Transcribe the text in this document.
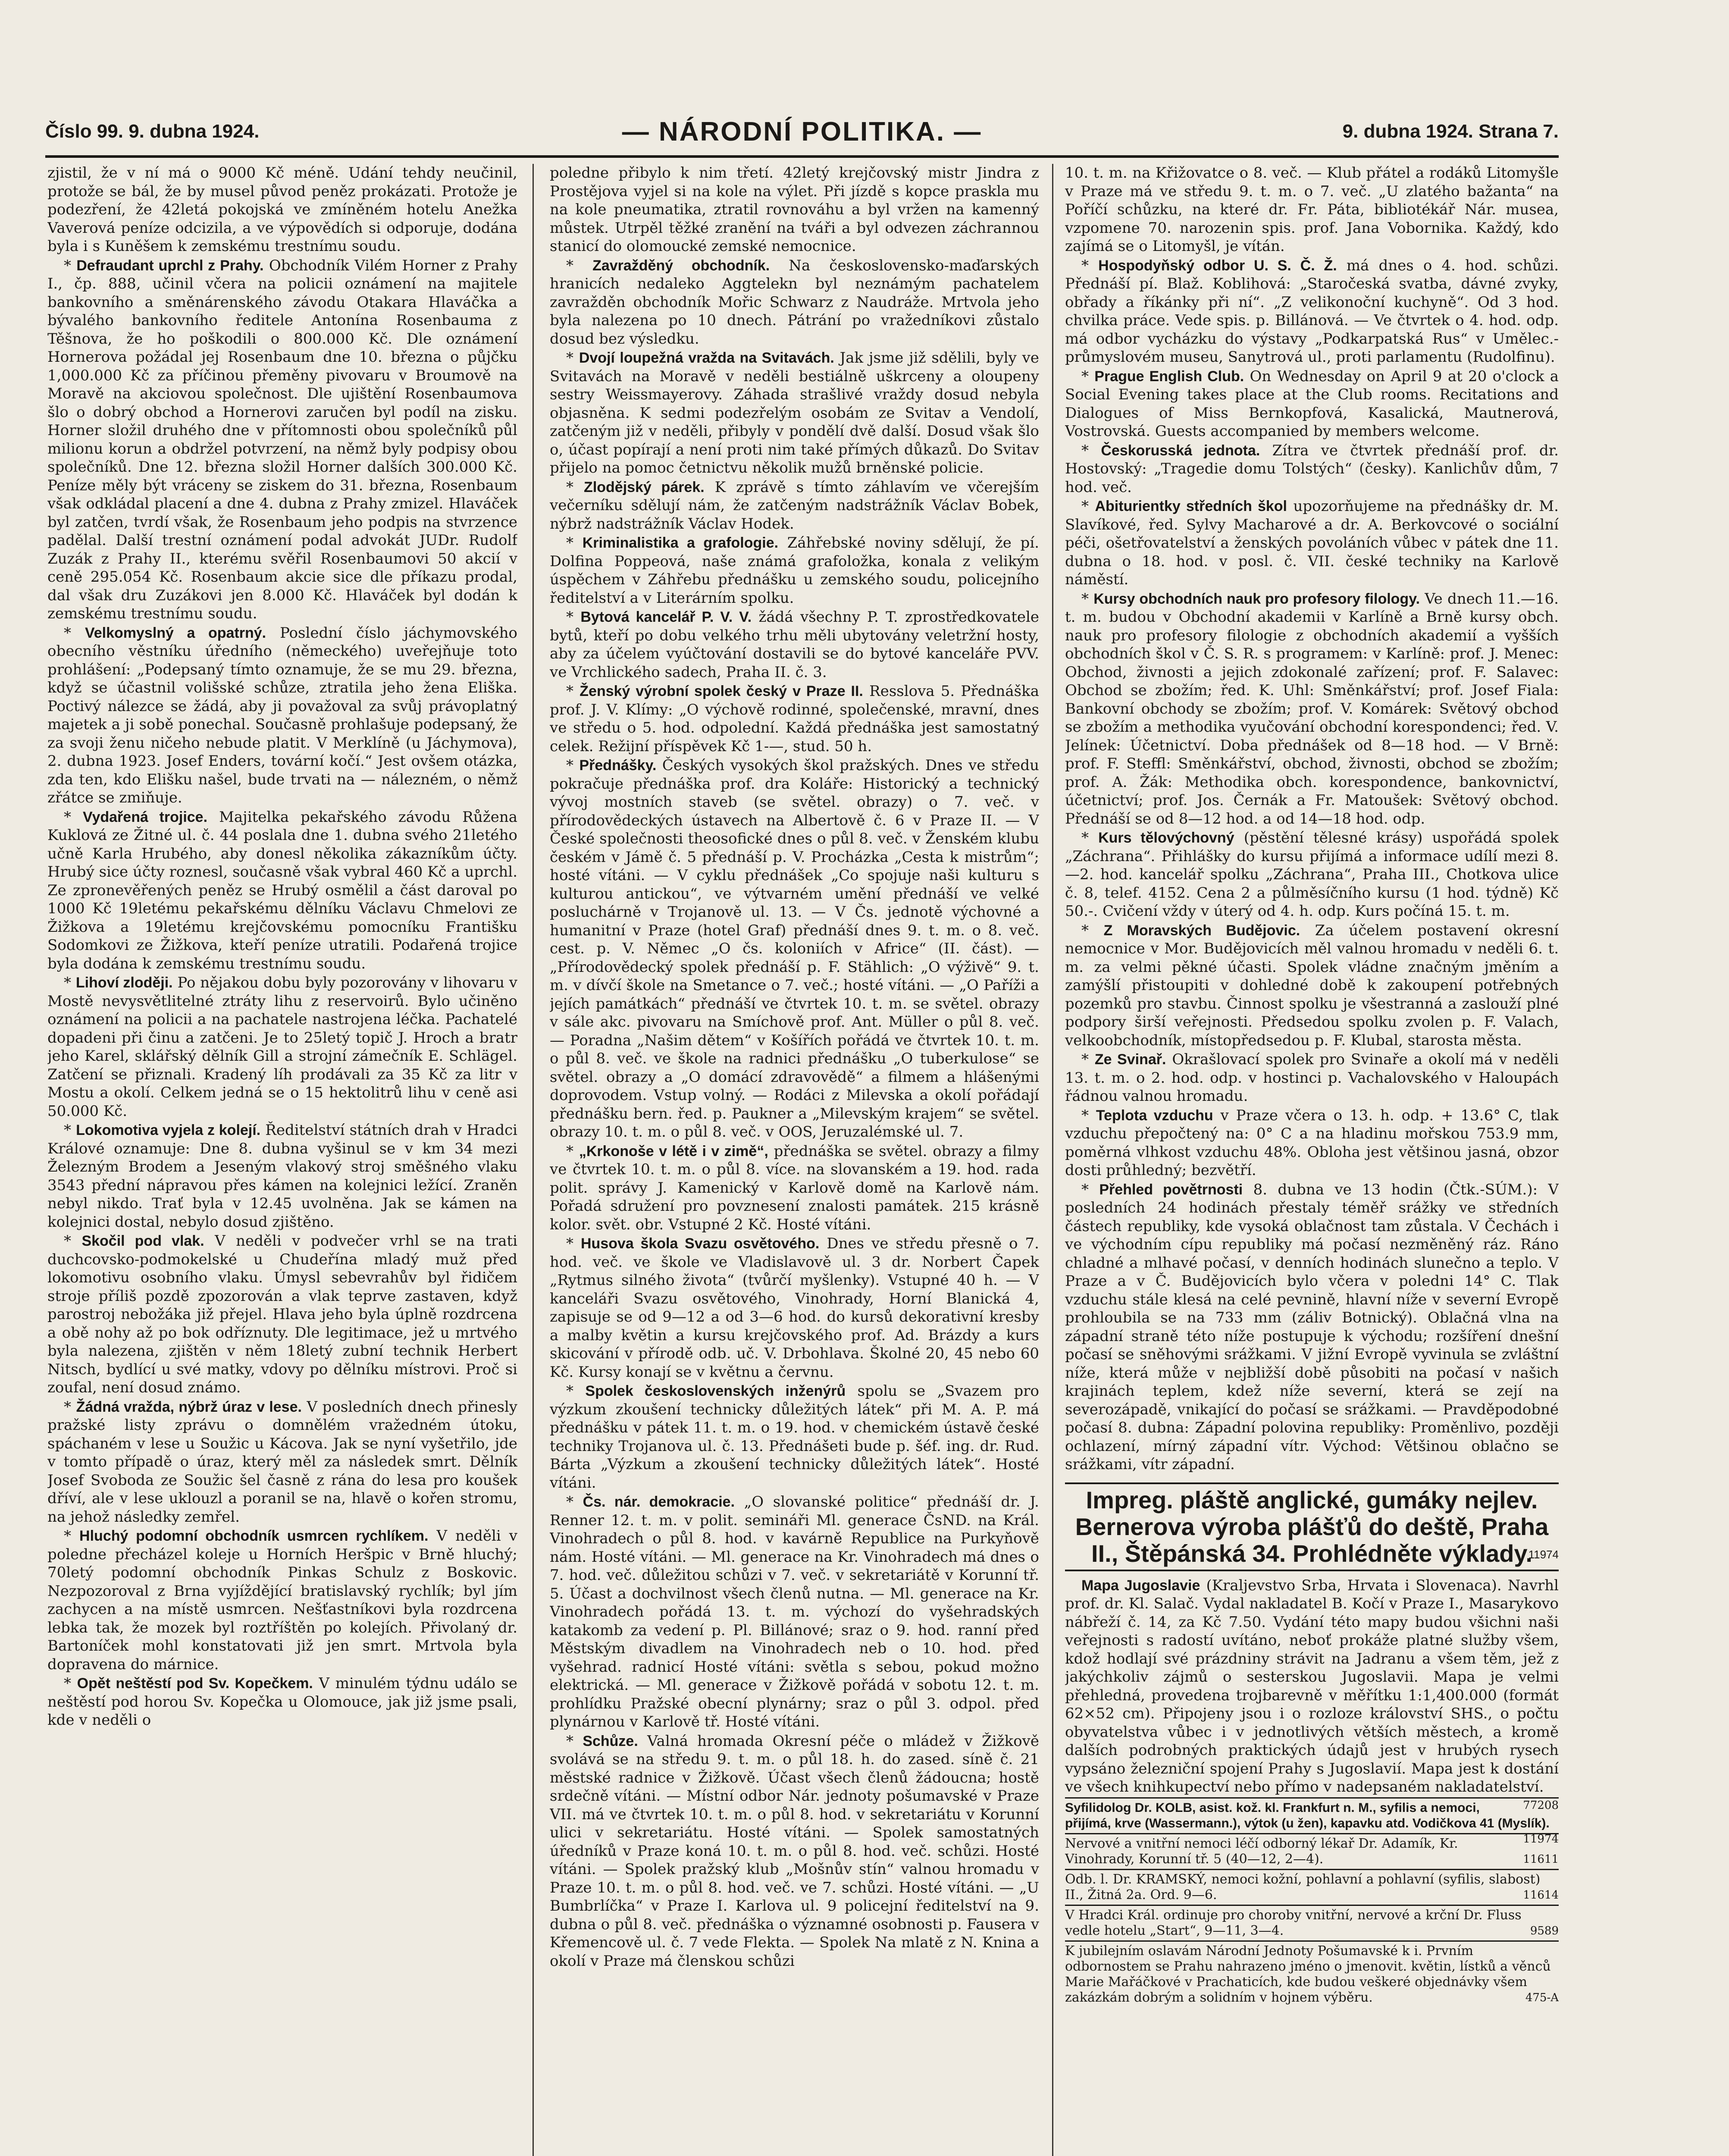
Číslo 99. 9. dubna 1924.	— NÁRODNÍ POLITIKA. —	9. dubna 1924. Strana 7.

zjistil, že v ní má o 9000 Kč méně. Udání tehdy neučinil, protože se bál, že by musel původ peněz prokázati. Protože je podezření, že 42letá pokojská ve zmíněném hotelu Anežka Vaverová peníze odcizila, a ve výpovědích si odporuje, dodána byla i s Kuněšem k zemskému trestnímu soudu.

* Defraudant uprchl z Prahy. Obchodník Vilém Horner z Prahy I., čp. 888, učinil včera na policii oznámení na majitele bankovního a směnárenského závodu Otakara Hlaváčka a bývalého bankovního ředitele Antonína Rosenbauma z Těšnova, že ho poškodili o 800.000 Kč. Dle oznámení Hornerova požádal jej Rosenbaum dne 10. března o půjčku 1,000.000 Kč za příčinou přeměny pivovaru v Broumově na Moravě na akciovou společnost. Dle ujištění Rosenbaumova šlo o dobrý obchod a Hornerovi zaručen byl podíl na zisku. Horner složil druhého dne v přítomnosti obou společníků půl milionu korun a obdržel potvrzení, na němž byly podpisy obou společníků. Dne 12. března složil Horner dalších 300.000 Kč. Peníze měly být vráceny se ziskem do 31. března, Rosenbaum však odkládal placení a dne 4. dubna z Prahy zmizel. Hlaváček byl zatčen, tvrdí však, že Rosenbaum jeho podpis na stvrzence padělal. Další trestní oznámení podal advokát JUDr. Rudolf Zuzák z Prahy II., kterému svěřil Rosenbaumovi 50 akcií v ceně 295.054 Kč. Rosenbaum akcie sice dle příkazu prodal, dal však dru Zuzákovi jen 8.000 Kč. Hlaváček byl dodán k zemskému trestnímu soudu.

* Velkomyslný a opatrný. Poslední číslo jáchymovského obecního věstníku úředního (německého) uveřejňuje toto prohlášení: „Podepsaný tímto oznamuje, že se mu 29. března, když se účastnil volišské schůze, ztratila jeho žena Eliška. Poctivý nálezce se žádá, aby ji považoval za svůj právoplatný majetek a ji sobě ponechal. Současně prohlašuje podepsaný, že za svoji ženu ničeho nebude platit. V Merklíně (u Jáchymova), 2. dubna 1923. Josef Enders, tovární kočí.“ Jest ovšem otázka, zda ten, kdo Elišku našel, bude trvati na — nálezném, o němž zřátce se zmiňuje.

* Vydařená trojice. Majitelka pekařského závodu Růžena Kuklová ze Žitné ul. č. 44 poslala dne 1. dubna svého 21letého učně Karla Hrubého, aby donesl několika zákazníkům účty. Hrubý sice účty roznesl, současně však vybral 460 Kč a uprchl. Ze zpronevěřených peněz se Hrubý osmělil a část daroval po 1000 Kč 19letému pekařskému dělníku Václavu Chmelovi ze Žižkova a 19letému krejčovskému pomocníku Františku Sodomkovi ze Žižkova, kteří peníze utratili. Podařená trojice byla dodána k zemskému trestnímu soudu.

* Lihoví zloději. Po nějakou dobu byly pozorovány v lihovaru v Mostě nevysvětlitelné ztráty lihu z reservoirů. Bylo učiněno oznámení na policii a na pachatele nastrojena léčka. Pachatelé dopadeni při činu a zatčeni. Je to 25letý topič J. Hroch a bratr jeho Karel, sklářský dělník Gill a strojní zámečník E. Schlägel. Zatčení se přiznali. Kradený líh prodávali za 35 Kč za litr v Mostu a okolí. Celkem jedná se o 15 hektolitrů lihu v ceně asi 50.000 Kč.

* Lokomotiva vyjela z kolejí. Ředitelství státních drah v Hradci Králové oznamuje: Dne 8. dubna vyšinul se v km 34 mezi Železným Brodem a Jeseným vlakový stroj směšného vlaku 3543 přední nápravou přes kámen na kolejnici ležící. Zraněn nebyl nikdo. Trať byla v 12.45 uvolněna. Jak se kámen na kolejnici dostal, nebylo dosud zjištěno.

* Skočil pod vlak. V neděli v podvečer vrhl se na trati duchcovsko-podmokelské u Chudeřína mladý muž před lokomotivu osobního vlaku. Úmysl sebevrahův byl řidičem stroje příliš pozdě zpozorován a vlak teprve zastaven, když parostroj nebožáka již přejel. Hlava jeho byla úplně rozdrcena a obě nohy až po bok odříznuty. Dle legitimace, jež u mrtvého byla nalezena, zjištěn v něm 18letý zubní technik Herbert Nitsch, bydlící u své matky, vdovy po dělníku místrovi. Proč si zoufal, není dosud známo.

* Žádná vražda, nýbrž úraz v lese. V posledních dnech přinesly pražské listy zprávu o domnělém vražedném útoku, spáchaném v lese u Soužic u Kácova. Jak se nyní vyšetřilo, jde v tomto případě o úraz, který měl za následek smrt. Dělník Josef Svoboda ze Soužic šel časně z rána do lesa pro koušek dříví, ale v lese uklouzl a poranil se na, hlavě o kořen stromu, na jehož následky zemřel.

* Hluchý podomní obchodník usmrcen rychlíkem. V neděli v poledne přecházel koleje u Horních Heršpic v Brně hluchý; 70letý podomní obchodník Pinkas Schulz z Boskovic. Nezpozoroval z Brna vyjíždějící bratislavský rychlík; byl jím zachycen a na místě usmrcen. Nešťastníkovi byla rozdrcena lebka tak, že mozek byl roztříštěn po kolejích. Přivolaný dr. Bartoníček mohl konstatovati již jen smrt. Mrtvola byla dopravena do márnice.

* Opět neštěstí pod Sv. Kopečkem. V minulém týdnu událo se neštěstí pod horou Sv. Kopečka u Olomouce, jak již jsme psali, kde v neděli o

poledne přibylo k nim třetí. 42letý krejčovský mistr Jindra z Prostějova vyjel si na kole na výlet. Při jízdě s kopce praskla mu na kole pneumatika, ztratil rovnováhu a byl vržen na kamenný můstek. Utrpěl těžké zranění na tváři a byl odvezen záchrannou stanicí do olomoucké zemské nemocnice.

* Zavražděný obchodník. Na československo-maďarských hranicích nedaleko Aggtelekn byl neznámým pachatelem zavražděn obchodník Mořic Schwarz z Naudráže. Mrtvola jeho byla nalezena po 10 dnech. Pátrání po vražedníkovi zůstalo dosud bez výsledku.

* Dvojí loupežná vražda na Svitavách. Jak jsme již sdělili, byly ve Svitavách na Moravě v neděli bestiálně uškrceny a oloupeny sestry Weissmayerovy. Záhada strašlivé vraždy dosud nebyla objasněna. K sedmi podezřelým osobám ze Svitav a Vendolí, zatčeným již v neděli, přibyly v pondělí dvě další. Dosud však šlo o, účast popírají a není proti nim také přímých důkazů. Do Svitav přijelo na pomoc četnictvu několik mužů brněnské policie.

* Zlodějský párek. K zprávě s tímto záhlavím ve včerejším večerníku sdělují nám, že zatčeným nadstrážník Václav Bobek, nýbrž nadstrážník Václav Hodek.

* Kriminalistika a grafologie. Záhřebské noviny sdělují, že pí. Dolfina Poppeová, naše známá grafoložka, konala z velikým úspěchem v Záhřebu přednášku u zemského soudu, policejního ředitelství a v Literárním spolku.

* Bytová kancelář P. V. V. žádá všechny P. T. zprostředkovatele bytů, kteří po dobu velkého trhu měli ubytovány veletržní hosty, aby za účelem vyúčtování dostavili se do bytové kanceláře PVV. ve Vrchlického sadech, Praha II. č. 3.

* Ženský výrobní spolek český v Praze II. Resslova 5. Přednáška prof. J. V. Klímy: „O výchově rodinné, společenské, mravní, dnes ve středu o 5. hod. odpolední. Každá přednáška jest samostatný celek. Režijní příspěvek Kč 1-—, stud. 50 h.

* Přednášky. Českých vysokých škol pražských. Dnes ve středu pokračuje přednáška prof. dra Koláře: Historický a technický vývoj mostních staveb (se světel. obrazy) o 7. več. v přírodovědeckých ústavech na Albertově č. 6 v Praze II. — V České společnosti theosofické dnes o půl 8. več. v Ženském klubu českém v Jámě č. 5 přednáší p. V. Procházka „Cesta k mistrům“; hosté vítáni. — V cyklu přednášek „Co spojuje naši kulturu s kulturou antickou“, ve výtvarném umění přednáší ve velké posluchárně v Trojanově ul. 13. — V Čs. jednotě výchovné a humanitní v Praze (hotel Graf) přednáší dnes 9. t. m. o 8. več. cest. p. V. Němec „O čs. koloniích v Africe“ (II. část). — „Přírodovědecký spolek přednáší p. F. Stählich: „O výživě“ 9. t. m. v dívčí škole na Smetance o 7. več.; hosté vítáni. — „O Paříži a jejích památkách“ přednáší ve čtvrtek 10. t. m. se světel. obrazy v sále akc. pivovaru na Smíchově prof. Ant. Müller o půl 8. več. — Poradna „Našim dětem“ v Košířích pořádá ve čtvrtek 10. t. m. o půl 8. več. ve škole na radnici přednášku „O tuberkulose“ se světel. obrazy a „O domácí zdravovědě“ a filmem a hlášenými doprovodem. Vstup volný. — Rodáci z Milevska a okolí pořádají přednášku bern. řed. p. Paukner a „Milevským krajem“ se světel. obrazy 10. t. m. o půl 8. več. v OOS, Jeruzalémské ul. 7.

* „Krkonoše v létě i v zimě“, přednáška se světel. obrazy a filmy ve čtvrtek 10. t. m. o půl 8. více. na slovanském a 19. hod. rada polit. správy J. Kamenický v Karlově domě na Karlově nám. Pořadá sdružení pro povznesení znalosti památek. 215 krásně kolor. svět. obr. Vstupné 2 Kč. Hosté vítáni.

* Husova škola Svazu osvětového. Dnes ve středu přesně o 7. hod. več. ve škole ve Vladislavově ul. 3 dr. Norbert Čapek „Rytmus silného života“ (tvůrčí myšlenky). Vstupné 40 h. — V kanceláři Svazu osvětového, Vinohrady, Horní Blanická 4, zapisuje se od 9—12 a od 3—6 hod. do kursů dekorativní kresby a malby květin a kursu krejčovského prof. Ad. Brázdy a kurs skicování v přírodě odb. uč. V. Drbohlava. Školné 20, 45 nebo 60 Kč. Kursy konají se v květnu a červnu.

* Spolek československých inženýrů spolu se „Svazem pro výzkum zkoušení technicky důležitých látek“ při M. A. P. má přednášku v pátek 11. t. m. o 19. hod. v chemickém ústavě české techniky Trojanova ul. č. 13. Přednášeti bude p. šéf. ing. dr. Rud. Bárta „Výzkum a zkoušení technicky důležitých látek“. Hosté vítáni.

* Čs. nár. demokracie. „O slovanské politice“ přednáší dr. J. Renner 12. t. m. v polit. semináři Ml. generace ČsND. na Král. Vinohradech o půl 8. hod. v kavárně Republice na Purkyňově nám. Hosté vítáni. — Ml. generace na Kr. Vinohradech má dnes o 7. hod. več. důležitou schůzi v 7. več. v sekretariátě v Korunní tř. 5. Účast a dochvilnost všech členů nutna. — Ml. generace na Kr. Vinohradech pořádá 13. t. m. výchozí do vyšehradských katakomb za vedení p. Pl. Billánové; sraz o 9. hod. ranní před Městským divadlem na Vinohradech neb o 10. hod. před vyšehrad. radnicí Hosté vítáni: světla s sebou, pokud možno elektrická. — Ml. generace v Žižkově pořádá v sobotu 12. t. m. prohlídku Pražské obecní plynárny; sraz o půl 3. odpol. před plynárnou v Karlově tř. Hosté vítáni.

* Schůze. Valná hromada Okresní péče o mládež v Žižkově svolává se na středu 9. t. m. o půl 18. h. do zased. síně č. 21 městské radnice v Žižkově. Účast všech členů žádoucna; hostě srdečně vítáni. — Místní odbor Nár. jednoty pošumavské v Praze VII. má ve čtvrtek 10. t. m. o půl 8. hod. v sekretariátu v Korunní ulici v sekretariátu. Hosté vítáni. — Spolek samostatných úředníků v Praze koná 10. t. m. o půl 8. hod. več. schůzi. Hosté vítáni. — Spolek pražský klub „Mošnův stín“ valnou hromadu v Praze 10. t. m. o půl 8. hod. več. ve 7. schůzi. Hosté vítáni. — „U Bumbrlíčka“ v Praze I. Karlova ul. 9 policejní ředitelství na 9. dubna o půl 8. več. přednáška o významné osobnosti p. Fausera v Křemencově ul. č. 7 vede Flekta. — Spolek Na mlatě z N. Knina a okolí v Praze má členskou schůzi

10. t. m. na Křižovatce o 8. več. — Klub přátel a rodáků Litomyšle v Praze má ve středu 9. t. m. o 7. več. „U zlatého bažanta“ na Poříčí schůzku, na které dr. Fr. Páta, bibliotékář Nár. musea, vzpomene 70. narozenin spis. prof. Jana Vobornika. Každý, kdo zajímá se o Litomyšl, je vítán.

* Hospodyňský odbor U. S. Č. Ž. má dnes o 4. hod. schůzi. Přednáší pí. Blaž. Koblihová: „Staročeská svatba, dávné zvyky, obřady a říkánky při ní“. „Z velikonoční kuchyně“. Od 3 hod. chvilka práce. Vede spis. p. Billánová. — Ve čtvrtek o 4. hod. odp. má odbor vycházku do výstavy „Podkarpatská Rus“ v Umělec.-průmyslovém museu, Sanytrová ul., proti parlamentu (Rudolfinu).

* Prague English Club. On Wednesday on April 9 at 20 o'clock a Social Evening takes place at the Club rooms. Recitations and Dialogues of Miss Bernkopfová, Kasalická, Mautnerová, Vostrovská. Guests accompanied by members welcome.

* Českorusská jednota. Zítra ve čtvrtek přednáší prof. dr. Hostovský: „Tragedie domu Tolstých“ (česky). Kanlichův dům, 7 hod. več.

* Abiturientky středních škol upozorňujeme na přednášky dr. M. Slavíkové, řed. Sylvy Macharové a dr. A. Berkovcové o sociální péči, ošetřovatelství a ženských povoláních vůbec v pátek dne 11. dubna o 18. hod. v posl. č. VII. české techniky na Karlově náměstí.

* Kursy obchodních nauk pro profesory filology. Ve dnech 11.—16. t. m. budou v Obchodní akademii v Karlíně a Brně kursy obch. nauk pro profesory filologie z obchodních akademií a vyšších obchodních škol v Č. S. R. s programem: v Karlíně: prof. J. Menec: Obchod, živnosti a jejich zdokonalé zařízení; prof. F. Salavec: Obchod se zbožím; řed. K. Uhl: Směnkářství; prof. Josef Fiala: Bankovní obchody se zbožím; prof. V. Komárek: Světový obchod se zbožím a methodika vyučování obchodní korespondenci; řed. V. Jelínek: Účetnictví. Doba přednášek od 8—18 hod. — V Brně: prof. F. Steffl: Směnkářství, obchod, živnosti, obchod se zbožím; prof. A. Žák: Methodika obch. korespondence, bankovnictví, účetnictví; prof. Jos. Černák a Fr. Matoušek: Světový obchod. Přednáší se od 8—12 hod. a od 14—18 hod. odp.

* Kurs tělovýchovný (pěstění tělesné krásy) uspořádá spolek „Záchrana“. Přihlášky do kursu přijímá a informace udílí mezi 8.—2. hod. kancelář spolku „Záchrana“, Praha III., Chotkova ulice č. 8, telef. 4152. Cena 2 a půlměsíčního kursu (1 hod. týdně) Kč 50.-. Cvičení vždy v úterý od 4. h. odp. Kurs počíná 15. t. m.

* Z Moravských Budějovic. Za účelem postavení okresní nemocnice v Mor. Budějovicích měl valnou hromadu v neděli 6. t. m. za velmi pěkné účasti. Spolek vládne značným jměním a zamýšlí přistoupiti v dohledné době k zakoupení potřebných pozemků pro stavbu. Činnost spolku je všestranná a zaslouží plné podpory širší veřejnosti. Předsedou spolku zvolen p. F. Valach, velkoobchodník, místopředsedou p. F. Klubal, starosta města.

* Ze Svinař. Okrašlovací spolek pro Svinaře a okolí má v neděli 13. t. m. o 2. hod. odp. v hostinci p. Vachalovského v Haloupách řádnou valnou hromadu.

* Teplota vzduchu v Praze včera o 13. h. odp. + 13.6° C, tlak vzduchu přepočtený na: 0° C a na hladinu mořskou 753.9 mm, poměrná vlhkost vzduchu 48%. Obloha jest většinou jasná, obzor dosti průhledný; bezvětří.

* Přehled povětrnosti 8. dubna ve 13 hodin (Čtk.-SÚM.): V posledních 24 hodinách přestaly téměř srážky ve středních částech republiky, kde vysoká oblačnost tam zůstala. V Čechách i ve východním cípu republiky má počasí nezměněný ráz. Ráno chladné a mlhavé počasí, v denních hodinách slunečno a teplo. V Praze a v Č. Budějovicích bylo včera v poledni 14° C. Tlak vzduchu stále klesá na celé pevnině, hlavní níže v severní Evropě prohloubila se na 733 mm (záliv Botnický). Oblačná vlna na západní straně této níže postupuje k východu; rozšíření dnešní počasí se sněhovými srážkami. V jižní Evropě vyvinula se zvláštní níže, která může v nejbližší době působiti na počasí v našich krajinách teplem, kdež níže severní, která se zejí na severozápadě, vnikající do počasí se srážkami. — Pravděpodobné počasí 8. dubna: Západní polovina republiky: Proměnlivo, později ochlazení, mírný západní vítr. Východ: Většinou oblačno se srážkami, vítr západní.

Impreg. pláště anglické, gumáky nejlev. Bernerova výroba plášťů do deště, Praha II., Štěpánská 34. Prohlédněte výklady.
11974

Mapa Jugoslavie (Kraljevstvo Srba, Hrvata i Slovenaca). Navrhl prof. dr. Kl. Salač. Vydal nakladatel B. Kočí v Praze I., Masarykovo nábřeží č. 14, za Kč 7.50. Vydání této mapy budou všichni naši veřejnosti s radostí uvítáno, neboť prokáže platné služby všem, kdož hodlají své prázdniny strávit na Jadranu a všem těm, jež z jakýchkoliv zájmů o sesterskou Jugoslavii. Mapa je velmi přehledná, provedena trojbarevně v měřítku 1:1,400.000 (formát 62×52 cm). Připojeny jsou i o rozloze království SHS., o počtu obyvatelstva vůbec i v jednotlivých větších městech, a kromě dalších podrobných praktických údajů jest v hrubých rysech vypsáno železniční spojení Prahy s Jugoslavií. Mapa jest k dostání ve všech knihkupectví nebo přímo v nadepsaném nakladatelství.
77208

Syfilidolog Dr. KOLB, asist. kož. kl. Frankfurt n. M., syfilis a nemoci, přijímá, krve (Wassermann.), výtok (u žen), kapavku atd. Vodičkova 41 (Myslík).
11974
Nervové a vnitřní nemoci léčí odborný lékař Dr. Adamík, Kr. Vinohrady, Korunní tř. 5 (40—12, 2—4).	11611
Odb. l. Dr. KRAMSKÝ, nemoci kožní, pohlavní a pohlavní (syfilis, slabost) II., Žitná 2a. Ord. 9—6.	11614
V Hradci Král. ordinuje pro choroby vnitřní, nervové a krční Dr. Fluss vedle hotelu „Start“, 9—11, 3—4.	9589
K jubilejním oslavám Národní Jednoty Pošumavské k i. Prvním odbornostem se Prahu nahrazeno jméno o jmenovit. květin, lístků a věnců Marie Mařáčkové v Prachaticích, kde budou veškeré objednávky všem zakázkám dobrým a solidním v hojnem výběru.	475-A
